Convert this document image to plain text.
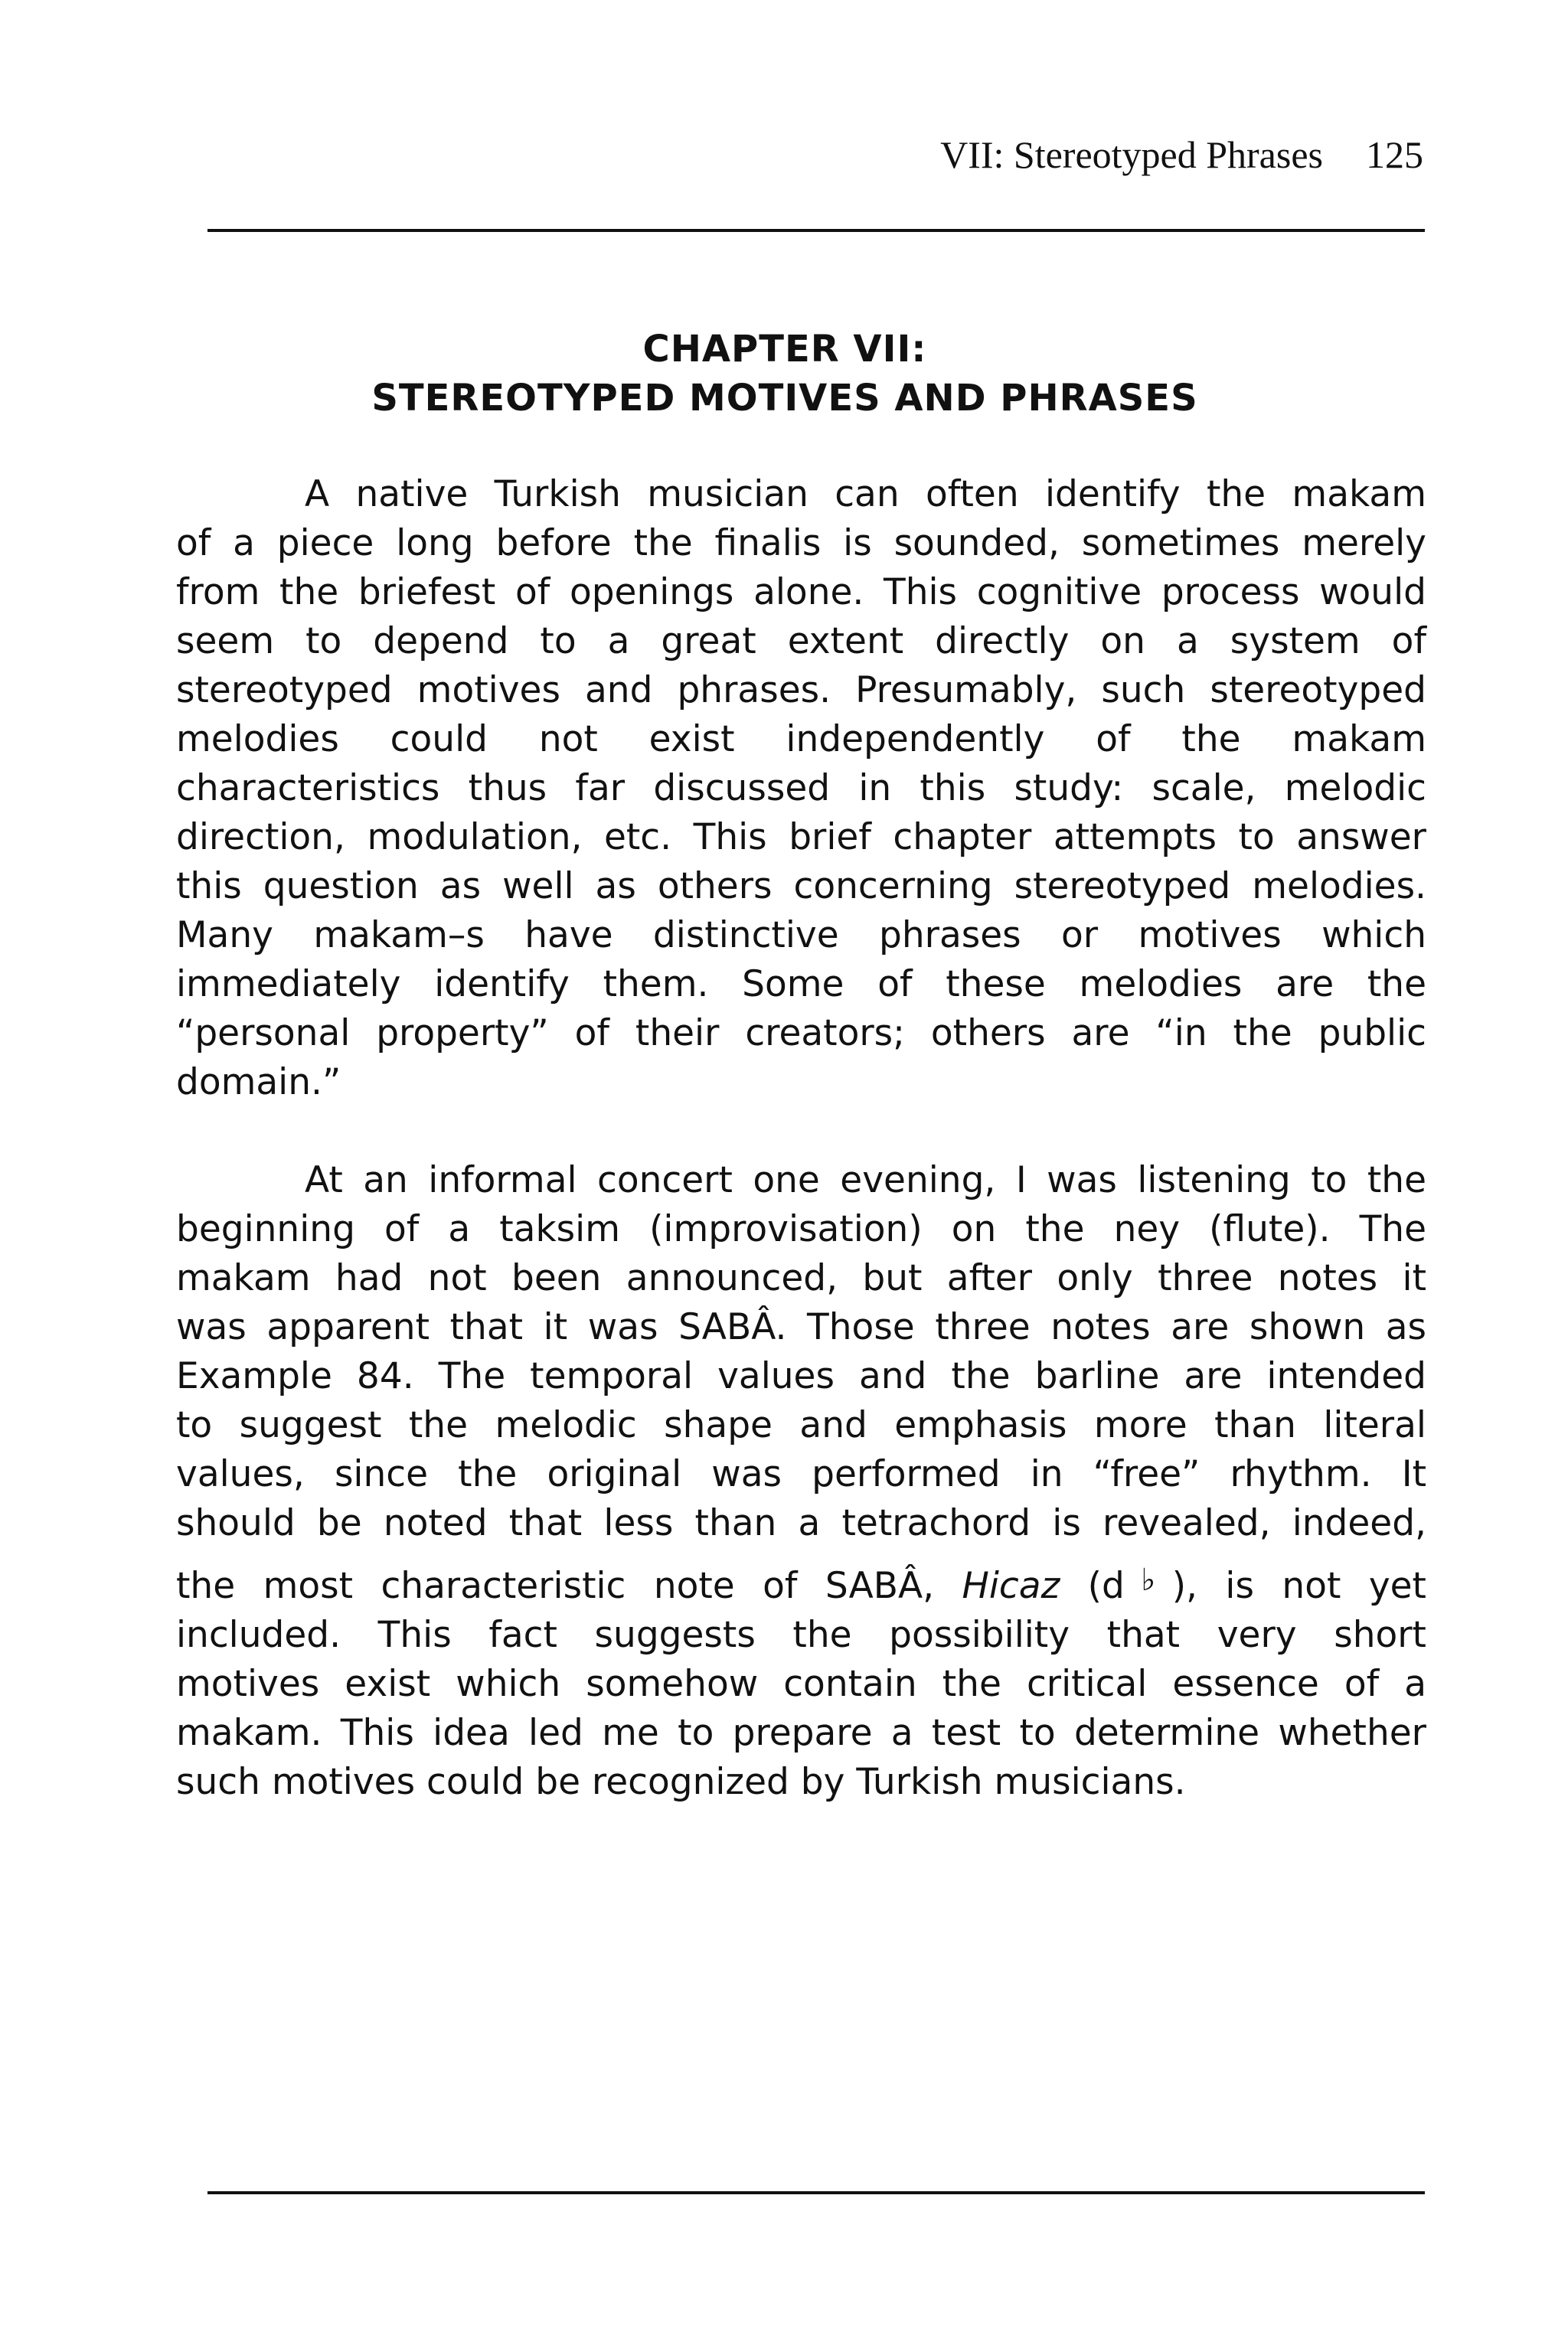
VII: Stereotyped Phrases 125
CHAPTER VII:
STEREOTYPED MOTIVES AND PHRASES
A native Turkish musician can often identify the makam
of a piece long before the finalis is sounded, sometimes merely
from the briefest of openings alone. This cognitive process would
seem to depend to a great extent directly on a system of
stereotyped motives and phrases. Presumably, such stereotyped
melodies could not exist independently of the makam
characteristics thus far discussed in this study: scale, melodic
direction, modulation, etc. This brief chapter attempts to answer
this question as well as others concerning stereotyped melodies.
Many makam–s have distinctive phrases or motives which
immediately identify them. Some of these melodies are the
“personal property” of their creators; others are “in the public
domain.”
At an informal concert one evening, I was listening to the
beginning of a taksim (improvisation) on the ney (flute). The
makam had not been announced, but after only three notes it
was apparent that it was SABÂ. Those three notes are shown as
Example 84. The temporal values and the barline are intended
to suggest the melodic shape and emphasis more than literal
values, since the original was performed in “free” rhythm. It
should be noted that less than a tetrachord is revealed, indeed,
the most characteristic note of SABÂ, Hicaz (d♭), is not yet
included. This fact suggests the possibility that very short
motives exist which somehow contain the critical essence of a
makam. This idea led me to prepare a test to determine whether
such motives could be recognized by Turkish musicians.
